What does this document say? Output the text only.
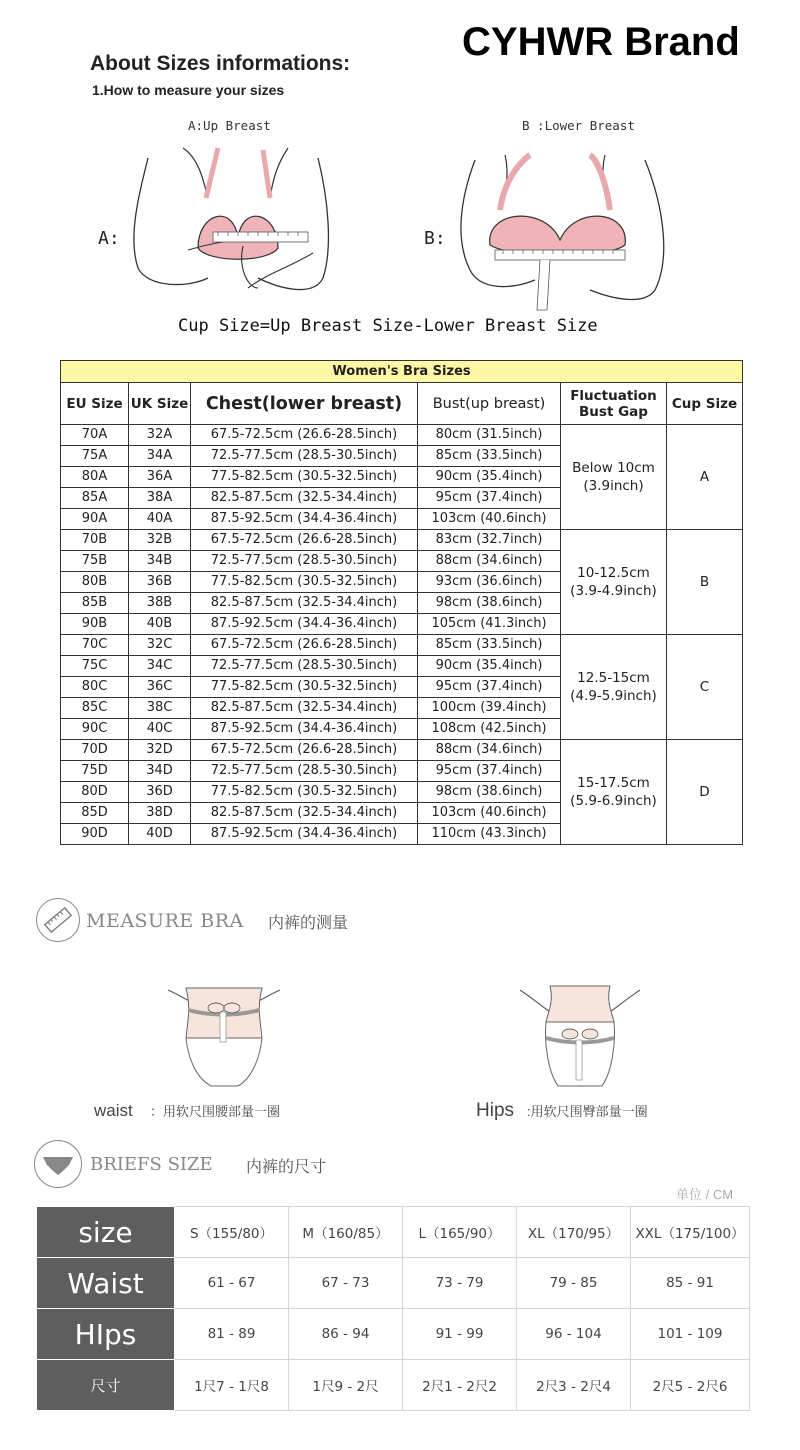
CYHWR Brand
About Sizes informations:
1.How to measure your sizes
A:Up Breast	B :Lower Breast
A:	B:
Cup Size=Up Breast Size-Lower Breast Size
Women's Bra Sizes					
EU Size	UK Size	Chest(lower breast)	Bust(up breast)	Fluctuation Bust Gap	Cup Size
70A	32A	67.5-72.5cm (26.6-28.5inch)	80cm (31.5inch)	Below 10cm (3.9inch)	A
75A	34A	72.5-77.5cm (28.5-30.5inch)	85cm (33.5inch)		
80A	36A	77.5-82.5cm (30.5-32.5inch)	90cm (35.4inch)		
85A	38A	82.5-87.5cm (32.5-34.4inch)	95cm (37.4inch)		
90A	40A	87.5-92.5cm (34.4-36.4inch)	103cm (40.6inch)		
70B	32B	67.5-72.5cm (26.6-28.5inch)	83cm (32.7inch)	10-12.5cm (3.9-4.9inch)	B
75B	34B	72.5-77.5cm (28.5-30.5inch)	88cm (34.6inch)		
80B	36B	77.5-82.5cm (30.5-32.5inch)	93cm (36.6inch)		
85B	38B	82.5-87.5cm (32.5-34.4inch)	98cm (38.6inch)		
90B	40B	87.5-92.5cm (34.4-36.4inch)	105cm (41.3inch)		
70C	32C	67.5-72.5cm (26.6-28.5inch)	85cm (33.5inch)	12.5-15cm (4.9-5.9inch)	C
75C	34C	72.5-77.5cm (28.5-30.5inch)	90cm (35.4inch)		
80C	36C	77.5-82.5cm (30.5-32.5inch)	95cm (37.4inch)		
85C	38C	82.5-87.5cm (32.5-34.4inch)	100cm (39.4inch)		
90C	40C	87.5-92.5cm (34.4-36.4inch)	108cm (42.5inch)		
70D	32D	67.5-72.5cm (26.6-28.5inch)	88cm (34.6inch)	15-17.5cm (5.9-6.9inch)	D
75D	34D	72.5-77.5cm (28.5-30.5inch)	95cm (37.4inch)		
80D	36D	77.5-82.5cm (30.5-32.5inch)	98cm (38.6inch)		
85D	38D	82.5-87.5cm (32.5-34.4inch)	103cm (40.6inch)		
90D	40D	87.5-92.5cm (34.4-36.4inch)	110cm (43.3inch)		
MEASURE BRA 内裤的测量
waist ：用软尺围腰部量一圈	Hips :用软尺围臀部量一圈
BRIEFS SIZE 内裤的尺寸
单位 / CM
size	S（155/80）	M（160/85）	L（165/90）	XL（170/95）	XXL（175/100）
Waist	61 - 67	67 - 73	73 - 79	79 - 85	85 - 91
HIps	81 - 89	86 - 94	91 - 99	96 - 104	101 - 109
尺寸	1尺7 - 1尺8	1尺9 - 2尺	2尺1 - 2尺2	2尺3 - 2尺4	2尺5 - 2尺6
